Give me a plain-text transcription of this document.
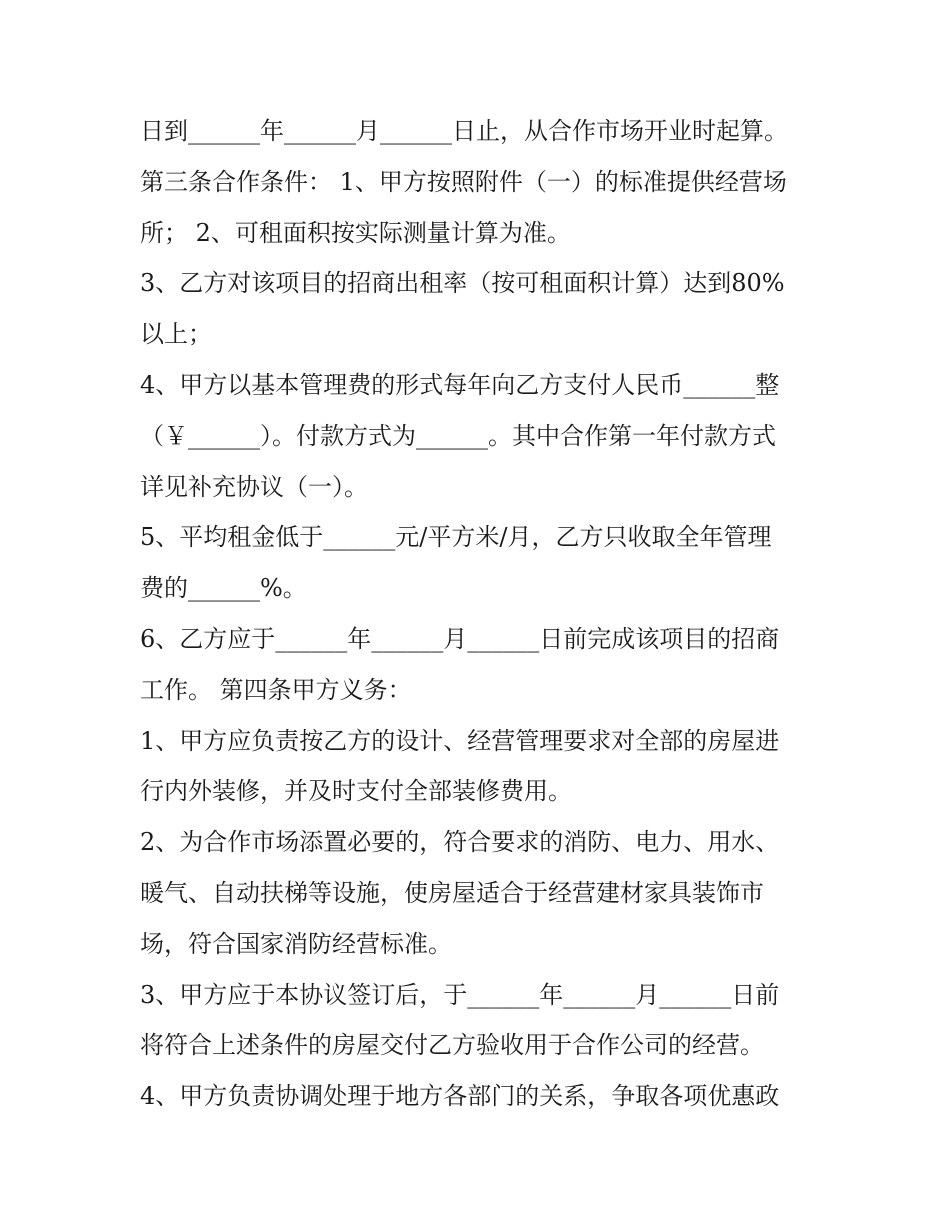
日到______年______月______日止，从合作市场开业时起算。
第三条合作条件： 1、甲方按照附件（一）的标准提供经营场
所； 2、可租面积按实际测量计算为准。
3、乙方对该项目的招商出租率（按可租面积计算）达到80%
以上；
4、甲方以基本管理费的形式每年向乙方支付人民币______整
（￥______）。付款方式为______。其中合作第一年付款方式
详见补充协议（一）。
5、平均租金低于______元/平方米/月，乙方只收取全年管理
费的______%。
6、乙方应于______年______月______日前完成该项目的招商
工作。 第四条甲方义务：
1、甲方应负责按乙方的设计、经营管理要求对全部的房屋进
行内外装修，并及时支付全部装修费用。
2、为合作市场添置必要的，符合要求的消防、电力、用水、
暖气、自动扶梯等设施，使房屋适合于经营建材家具装饰市
场，符合国家消防经营标准。
3、甲方应于本协议签订后，于______年______月______日前
将符合上述条件的房屋交付乙方验收用于合作公司的经营。
4、甲方负责协调处理于地方各部门的关系，争取各项优惠政
